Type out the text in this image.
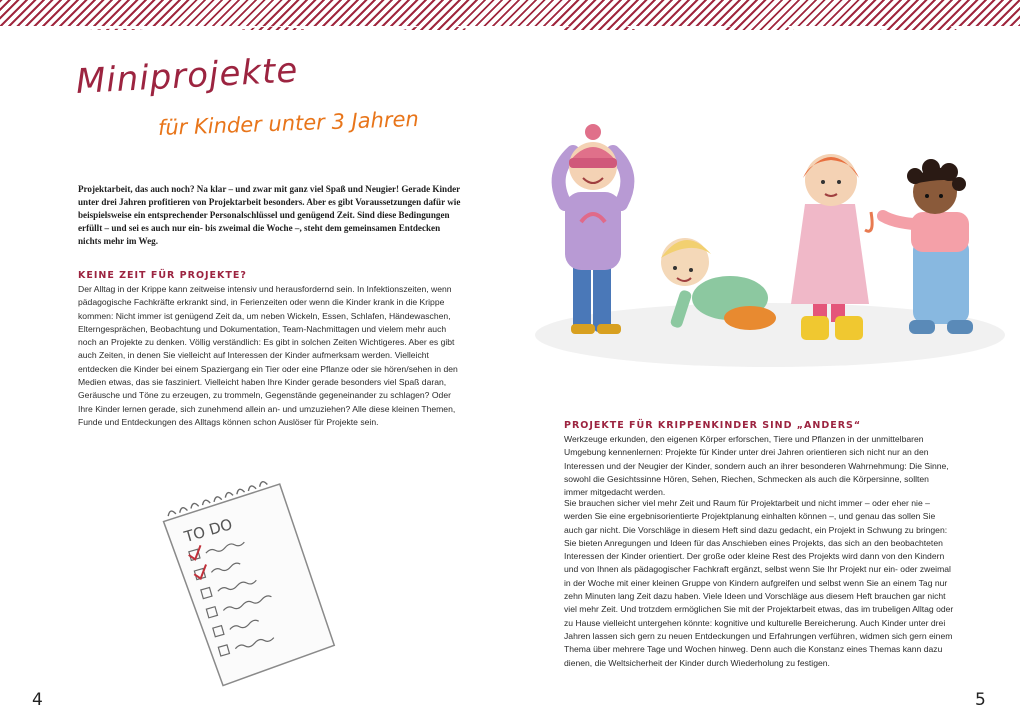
Miniprojekte
für Kinder unter 3 Jahren

Projektarbeit, das auch noch? Na klar – und zwar mit ganz viel Spaß und Neugier! Gerade Kinder unter drei Jahren profitieren von Projektarbeit besonders. Aber es gibt Voraussetzungen dafür wie beispielsweise ein entsprechender Personalschlüssel und genügend Zeit. Sind diese Bedingungen erfüllt – und sei es auch nur ein- bis zweimal die Woche –, steht dem gemeinsamen Entdecken nichts mehr im Weg.

KEINE ZEIT FÜR PROJEKTE?

Der Alltag in der Krippe kann zeitweise intensiv und herausfordernd sein. In Infektionszeiten, wenn pädagogische Fachkräfte erkrankt sind, in Ferienzeiten oder wenn die Kinder krank in die Krippe kommen: Nicht immer ist genügend Zeit da, um neben Wickeln, Essen, Schlafen, Händewaschen, Elterngesprächen, Beobachtung und Dokumentation, Team-Nachmittagen und vielem mehr auch noch an Projekte zu denken. Völlig verständlich: Es gibt in solchen Zeiten Wichtigeres. Aber es gibt auch Zeiten, in denen Sie vielleicht auf Interessen der Kinder aufmerksam werden. Vielleicht entdecken die Kinder bei einem Spaziergang ein Tier oder eine Pflanze oder sie hören/sehen in den Medien etwas, das sie fasziniert. Vielleicht haben Ihre Kinder gerade besonders viel Spaß daran, Geräusche und Töne zu erzeugen, zu trommeln, Gegenstände gegeneinander zu schlagen? Oder Ihre Kinder lernen gerade, sich zunehmend allein an- und umzuziehen? Alle diese kleinen Themen, Funde und Entdeckungen des Alltags können schon Auslöser für Projekte sein.

TO DO
4
PROJEKTE FÜR KRIPPENKINDER SIND „ANDERS“

Werkzeuge erkunden, den eigenen Körper erforschen, Tiere und Pflanzen in der unmittelbaren Umgebung kennenlernen: Projekte für Kinder unter drei Jahren orientieren sich nicht nur an den Interessen und der Neugier der Kinder, sondern auch an ihrer besonderen Wahrnehmung: Die Sinne, sowohl die Gesichtssinne Hören, Sehen, Riechen, Schmecken als auch die Körpersinne, sollten immer mitgedacht werden.

Sie brauchen sicher viel mehr Zeit und Raum für Projektarbeit und nicht immer – oder eher nie – werden Sie eine ergebnisorientierte Projektplanung einhalten können –, und genau das sollen Sie auch gar nicht. Die Vorschläge in diesem Heft sind dazu gedacht, ein Projekt in Schwung zu bringen: Sie bieten Anregungen und Ideen für das Anschieben eines Projekts, das sich an den beobachteten Interessen der Kinder orientiert. Der große oder kleine Rest des Projekts wird dann von den Kindern und von Ihnen als pädagogischer Fachkraft ergänzt, selbst wenn Sie Ihr Projekt nur ein- oder zweimal in der Woche mit einer kleinen Gruppe von Kindern aufgreifen und selbst wenn Sie an einem Tag nur zehn Minuten lang Zeit dazu haben. Viele Ideen und Vorschläge aus diesem Heft brauchen gar nicht viel mehr Zeit. Und trotzdem ermöglichen Sie mit der Projektarbeit etwas, das im trubeligen Alltag oder zu Hause vielleicht untergehen könnte: kognitive und kulturelle Bereicherung. Auch Kinder unter drei Jahren lassen sich gern zu neuen Entdeckungen und Erfahrungen verführen, widmen sich gern einem Thema über mehrere Tage und Wochen hinweg. Denn auch die Konstanz eines Themas kann dazu dienen, die Weltsicherheit der Kinder durch Wiederholung zu festigen.

5
